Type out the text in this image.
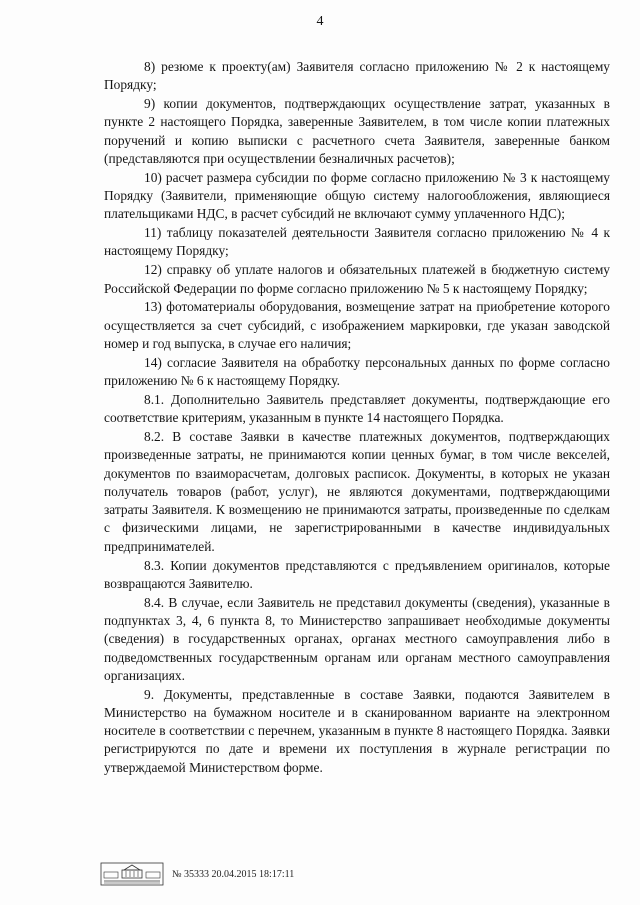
4

8) резюме к проекту(ам) Заявителя согласно приложению № 2 к настоящему Порядку;

9) копии документов, подтверждающих осуществление затрат, указанных в пункте 2 настоящего Порядка, заверенные Заявителем, в том числе копии платежных поручений и копию выписки с расчетного счета Заявителя, заверенные банком (представляются при осуществлении безналичных расчетов);

10) расчет размера субсидии по форме согласно приложению № 3 к настоящему Порядку (Заявители, применяющие общую систему налогообложения, являющиеся плательщиками НДС, в расчет субсидий не включают сумму уплаченного НДС);

11) таблицу показателей деятельности Заявителя согласно приложению № 4 к настоящему Порядку;

12) справку об уплате налогов и обязательных платежей в бюджетную систему Российской Федерации по форме согласно приложению № 5 к настоящему Порядку;

13) фотоматериалы оборудования, возмещение затрат на приобретение которого осуществляется за счет субсидий, с изображением маркировки, где указан заводской номер и год выпуска, в случае его наличия;

14) согласие Заявителя на обработку персональных данных по форме согласно приложению № 6 к настоящему Порядку.

8.1. Дополнительно Заявитель представляет документы, подтверждающие его соответствие критериям, указанным в пункте 14 настоящего Порядка.

8.2. В составе Заявки в качестве платежных документов, подтверждающих произведенные затраты, не принимаются копии ценных бумаг, в том числе векселей, документов по взаиморасчетам, долговых расписок. Документы, в которых не указан получатель товаров (работ, услуг), не являются документами, подтверждающими затраты Заявителя. К возмещению не принимаются затраты, произведенные по сделкам с физическими лицами, не зарегистрированными в качестве индивидуальных предпринимателей.

8.3. Копии документов представляются с предъявлением оригиналов, которые возвращаются Заявителю.

8.4. В случае, если Заявитель не представил документы (сведения), указанные в подпунктах 3, 4, 6 пункта 8, то Министерство запрашивает необходимые документы (сведения) в государственных органах, органах местного самоуправления либо в подведомственных государственным органам или органам местного самоуправления организациях.

9. Документы, представленные в составе Заявки, подаются Заявителем в Министерство на бумажном носителе и в сканированном варианте на электронном носителе в соответствии с перечнем, указанным в пункте 8 настоящего Порядка. Заявки регистрируются по дате и времени их поступления в журнале регистрации по утверждаемой Министерством форме.

№ 35333 20.04.2015 18:17:11
